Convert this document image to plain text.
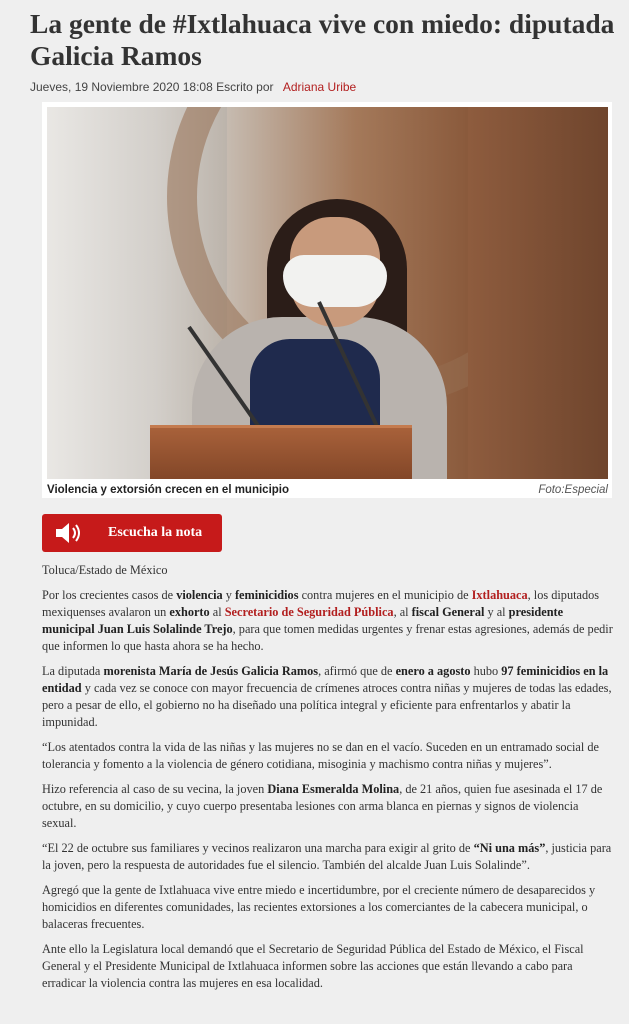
La gente de #Ixtlahuaca vive con miedo: diputada Galicia Ramos
Jueves, 19 Noviembre 2020 18:08 Escrito por Adriana Uribe
Violencia y extorsión crecen en el municipio	Foto:Especial
Escucha la nota

Toluca/Estado de México

Por los crecientes casos de violencia y feminicidios contra mujeres en el municipio de Ixtlahuaca, los diputados mexiquenses avalaron un exhorto al Secretario de Seguridad Pública, al fiscal General y al presidente municipal Juan Luis Solalinde Trejo, para que tomen medidas urgentes y frenar estas agresiones, además de pedir que informen lo que hasta ahora se ha hecho.

La diputada morenista María de Jesús Galicia Ramos, afirmó que de enero a agosto hubo 97 feminicidios en la entidad y cada vez se conoce con mayor frecuencia de crímenes atroces contra niñas y mujeres de todas las edades, pero a pesar de ello, el gobierno no ha diseñado una política integral y eficiente para enfrentarlos y abatir la impunidad.

“Los atentados contra la vida de las niñas y las mujeres no se dan en el vacío. Suceden en un entramado social de tolerancia y fomento a la violencia de género cotidiana, misoginia y machismo contra niñas y mujeres”.

Hizo referencia al caso de su vecina, la joven Diana Esmeralda Molina, de 21 años, quien fue asesinada el 17 de octubre, en su domicilio, y cuyo cuerpo presentaba lesiones con arma blanca en piernas y signos de violencia sexual.

“El 22 de octubre sus familiares y vecinos realizaron una marcha para exigir al grito de “Ni una más”, justicia para la joven, pero la respuesta de autoridades fue el silencio. También del alcalde Juan Luis Solalinde”.

Agregó que la gente de Ixtlahuaca vive entre miedo e incertidumbre, por el creciente número de desaparecidos y homicidios en diferentes comunidades, las recientes extorsiones a los comerciantes de la cabecera municipal, o balaceras frecuentes.

Ante ello la Legislatura local demandó que el Secretario de Seguridad Pública del Estado de México, el Fiscal General y el Presidente Municipal de Ixtlahuaca informen sobre las acciones que están llevando a cabo para erradicar la violencia contra las mujeres en esa localidad.
